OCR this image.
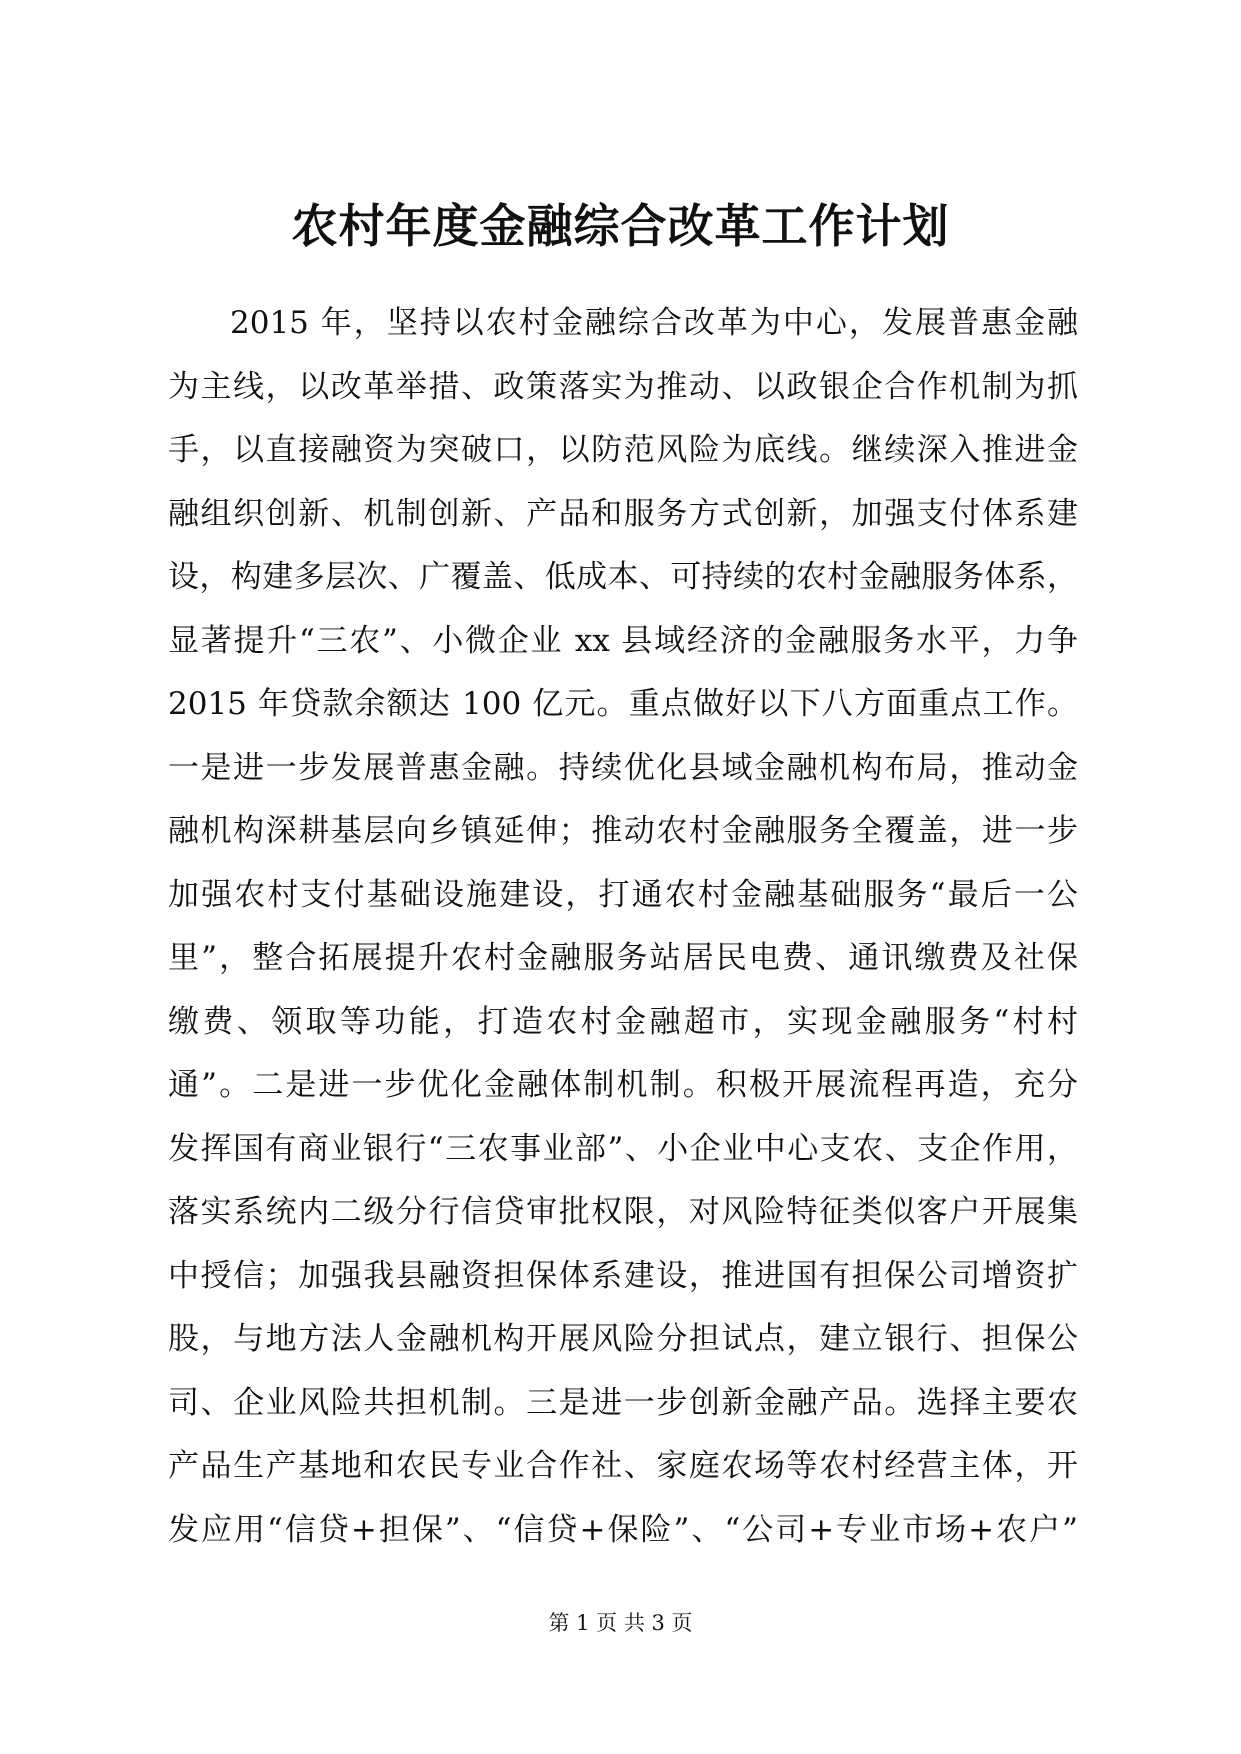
农村年度金融综合改革工作计划

2015 年，坚持以农村金融综合改革为中心，发展普惠金融

为主线，以改革举措、政策落实为推动、以政银企合作机制为抓

手，以直接融资为突破口，以防范风险为底线。继续深入推进金

融组织创新、机制创新、产品和服务方式创新，加强支付体系建

设，构建多层次、广覆盖、低成本、可持续的农村金融服务体系，

显著提升“三农”、小微企业 xx 县域经济的金融服务水平，力争

2015 年贷款余额达 100 亿元。重点做好以下八方面重点工作。

一是进一步发展普惠金融。持续优化县域金融机构布局，推动金

融机构深耕基层向乡镇延伸；推动农村金融服务全覆盖，进一步

加强农村支付基础设施建设，打通农村金融基础服务“最后一公

里”，整合拓展提升农村金融服务站居民电费、通讯缴费及社保

缴费、领取等功能，打造农村金融超市，实现金融服务“村村

通”。二是进一步优化金融体制机制。积极开展流程再造，充分

发挥国有商业银行“三农事业部”、小企业中心支农、支企作用，

落实系统内二级分行信贷审批权限，对风险特征类似客户开展集

中授信；加强我县融资担保体系建设，推进国有担保公司增资扩

股，与地方法人金融机构开展风险分担试点，建立银行、担保公

司、企业风险共担机制。三是进一步创新金融产品。选择主要农

产品生产基地和农民专业合作社、家庭农场等农村经营主体，开

发应用“信贷+担保”、“信贷+保险”、“公司+专业市场+农户”

第 1 页 共 3 页
